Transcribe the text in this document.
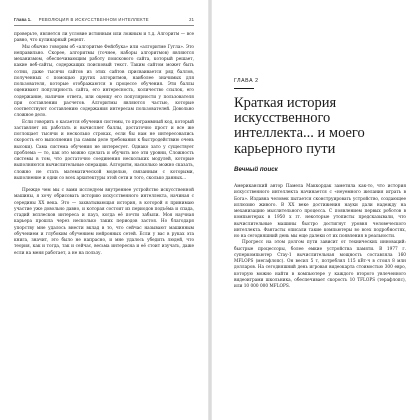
Глава 1.
РЕВОЛЮЦИЯ В ИСКУССТВЕННОМ ИНТЕЛЛЕКТЕ	21

проверьте, является ли условие истинным или ложным и т.д. Алгоритм — все равно, что кулинарный рецепт.

Мы обычно говорим об «алгоритме Фейсбука» или «алгоритме Гугла». Это неправильно. Скорее, алгоритмы (точнее, наборы алгоритмов) являются механизмом, обеспечивающим работу поискового сайта, который решает, какие веб-сайты, содержащих поисковый текст. Таким сайтом может быть сотни, даже тысячи сайтов из этих сайтов присваивается ряд баллов, полученных с помощью других алгоритмов, наиболее значимых для пользователя, которые отображаются в процессе обучения. Эти баллы оценивают популярность сайта, его интересность, количество ссылок, его содержание, наличие ответа, или оценку его популярности у пользователя при составлении расчетов. Алгоритмы являются частью, которые соответствуют составлению содержания интересам пользователей. Довольно сложное дело.

Если говорить о касается обучения системы, то программный код, который заставляет их работать и вычисляет баллы, достаточно прост и все же поглощает тысячи и несколько строках, если бы нам не интересовались скорость его выполнения (за самим деле требования к быстродействию очень высоки). Сама система обучения не интересует. Однако зато у существует проблема — то, как это можно сделать и обучить все эти уровни, Сложность системы в том, что достаточно соединения нескольких модулей, которые выполняются вычислительные операции. Алгоритм, насколько можно сказать, сложно не стать математической моделью, связанным с которыми, выполнение и одни со всех архитектуры этой сети и того, сколько данных...

Прежде чем мы с вами исследуем внутреннее устройство искусственной машины, я хочу обрисовать историю искусственного интеллекта, начиная с середины XX века. Это — захватывающая история, в которой я принимаю участие уже довольно давно, и которая состоит из периодов подъёма и спада, стадий всплесков интереса и пауз, когда её почти забыли. Моя научная карьера прошла через несколько таких периодов застоя. Но благодаря упорству мне удалось внести вклад в то, что сейчас называют машинным обучением и глубоким обучением нейронных сетей. Если у вас в руках эта книга, значит, это было не напрасно, и мне удалось убедить людей, что теория, как и тогда, так и сейчас, весьма интересна и её стоит изучать, даже если на меня работает, а не на пользу.

ГЛАВА 2
Краткая история искусственного интеллекта... и моего карьерного пути
Вечный поиск

Американский автор Памела Маккордак заметила как-то, что история искусственного интеллекта начинается с «неуемного желания играть в Бога». Издавна человек пытается сконструировать устройство, создающее иллюзию живого. В XX веке достижения науки дали надежду на механизацию мыслительного процесса. С появлением первых роботов в компьютерах в 1950 х гг. некоторые утописты предсказывали, что вычислительные машины быстро достигнут уровня человеческого интеллекта. Фантасты описали такие компьютеры во всех подробностях, но на сегодняшний день мы еще далеки от их появления в реальности.

Прогресс на этом долгом пути зависит от технических инноваций: быстрые процессоры, более емкие устройства памяти. В 1977 г. суперкомпьютер Cray-1 вычислительная мощность составляла 160 MFLOPS (мегафлопс). Он весил 5 т, потреблял 115 кВт·ч в стоил 8 млн долларов. На сегодняшний день игровая видеокарта стоимостью 300 евро, которую можно найти в компьютере у каждого второго увлеченного видеоиграми школьника, обеспечивает скорость 10 TFLOPS (терафлопс), или 10 000 000 MFLOPS.
